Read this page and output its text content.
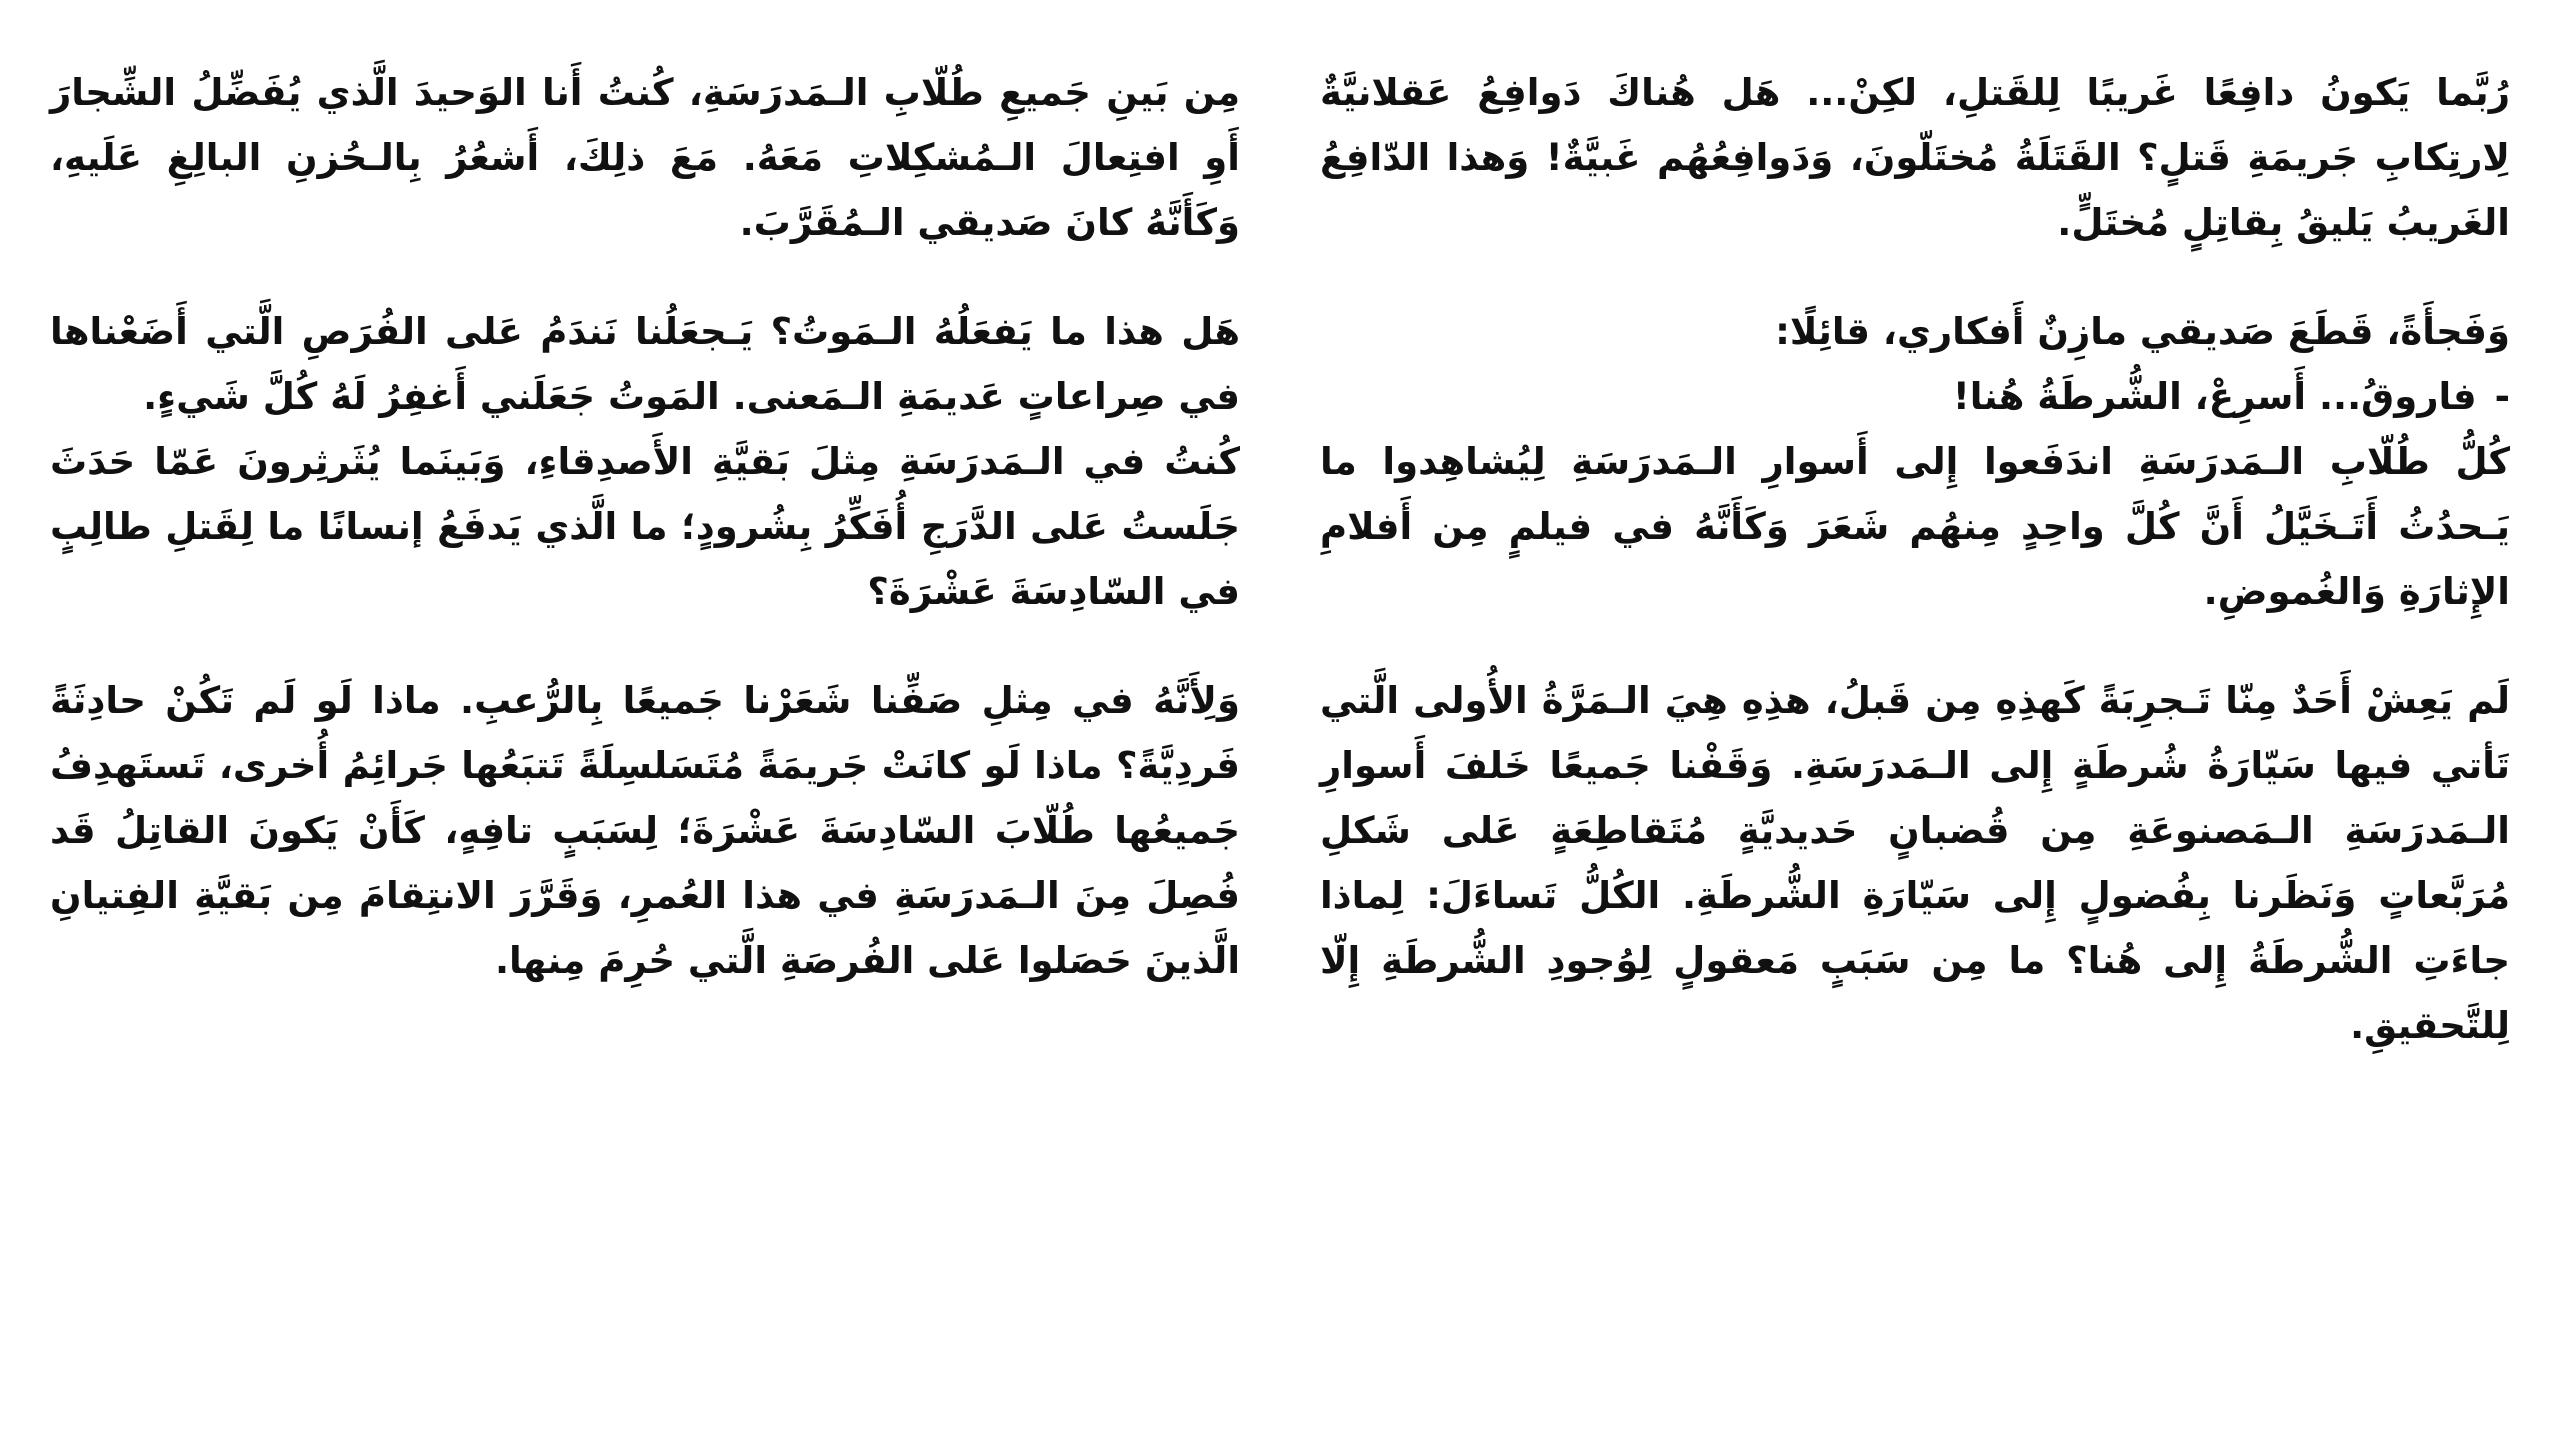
مِن بَينِ جَميعِ طُلّابِ الـمَدرَسَةِ، كُنتُ أَنا الوَحيدَ الَّذي يُفَضِّلُ الشِّجارَ أَوِ افتِعالَ الـمُشكِلاتِ مَعَهُ. مَعَ ذلِكَ، أَشعُرُ بِالـحُزنِ البالِغِ عَلَيهِ، وَكَأَنَّهُ كانَ صَديقي الـمُقَرَّبَ.

هَل هذا ما يَفعَلُهُ الـمَوتُ؟ يَـجعَلُنا نَندَمُ عَلى الفُرَصِ الَّتي أَضَعْناها في صِراعاتٍ عَديمَةِ الـمَعنى. المَوتُ جَعَلَني أَغفِرُ لَهُ كُلَّ شَيءٍ.

كُنتُ في الـمَدرَسَةِ مِثلَ بَقيَّةِ الأَصدِقاءِ، وَبَينَما يُثَرثِرونَ عَمّا حَدَثَ جَلَستُ عَلى الدَّرَجِ أُفَكِّرُ بِشُرودٍ؛ ما الَّذي يَدفَعُ إنسانًا ما لِقَتلِ طالِبٍ في السّادِسَةَ عَشْرَةَ؟

وَلِأَنَّهُ في مِثلِ صَفِّنا شَعَرْنا جَميعًا بِالرُّعبِ. ماذا لَو لَم تَكُنْ حادِثَةً فَردِيَّةً؟ ماذا لَو كانَتْ جَريمَةً مُتَسَلسِلَةً تَتبَعُها جَرائِمُ أُخرى، تَستَهدِفُ جَميعُها طُلّابَ السّادِسَةَ عَشْرَةَ؛ لِسَبَبٍ تافِهٍ، كَأَنْ يَكونَ القاتِلُ قَد فُصِلَ مِنَ الـمَدرَسَةِ في هذا العُمرِ، وَقَرَّرَ الانتِقامَ مِن بَقيَّةِ الفِتيانِ الَّذينَ حَصَلوا عَلى الفُرصَةِ الَّتي حُرِمَ مِنها.

رُبَّما يَكونُ دافِعًا غَريبًا لِلقَتلِ، لكِنْ... هَل هُناكَ دَوافِعُ عَقلانيَّةٌ لِارتِكابِ جَريمَةِ قَتلٍ؟ القَتَلَةُ مُختَلّونَ، وَدَوافِعُهُم غَبيَّةٌ! وَهذا الدّافِعُ الغَريبُ يَليقُ بِقاتِلٍ مُختَلٍّ.

وَفَجأَةً، قَطَعَ صَديقي مازِنٌ أَفكاري، قائِلًا:

-فاروقُ... أَسرِعْ، الشُّرطَةُ هُنا!

كُلُّ طُلّابِ الـمَدرَسَةِ اندَفَعوا إِلى أَسوارِ الـمَدرَسَةِ لِيُشاهِدوا ما يَـحدُثُ أَتَـخَيَّلُ أَنَّ كُلَّ واحِدٍ مِنهُم شَعَرَ وَكَأَنَّهُ في فيلمٍ مِن أَفلامِ الإِثارَةِ وَالغُموضِ.

لَم يَعِشْ أَحَدٌ مِنّا تَـجرِبَةً كَهذِهِ مِن قَبلُ، هذِهِ هِيَ الـمَرَّةُ الأُولى الَّتي تَأتي فيها سَيّارَةُ شُرطَةٍ إِلى الـمَدرَسَةِ. وَقَفْنا جَميعًا خَلفَ أَسوارِ الـمَدرَسَةِ الـمَصنوعَةِ مِن قُضبانٍ حَديديَّةٍ مُتَقاطِعَةٍ عَلى شَكلِ مُرَبَّعاتٍ وَنَظَرنا بِفُضولٍ إِلى سَيّارَةِ الشُّرطَةِ. الكُلُّ تَساءَلَ: لِماذا جاءَتِ الشُّرطَةُ إِلى هُنا؟ ما مِن سَبَبٍ مَعقولٍ لِوُجودِ الشُّرطَةِ إِلّا لِلتَّحقيقِ.
